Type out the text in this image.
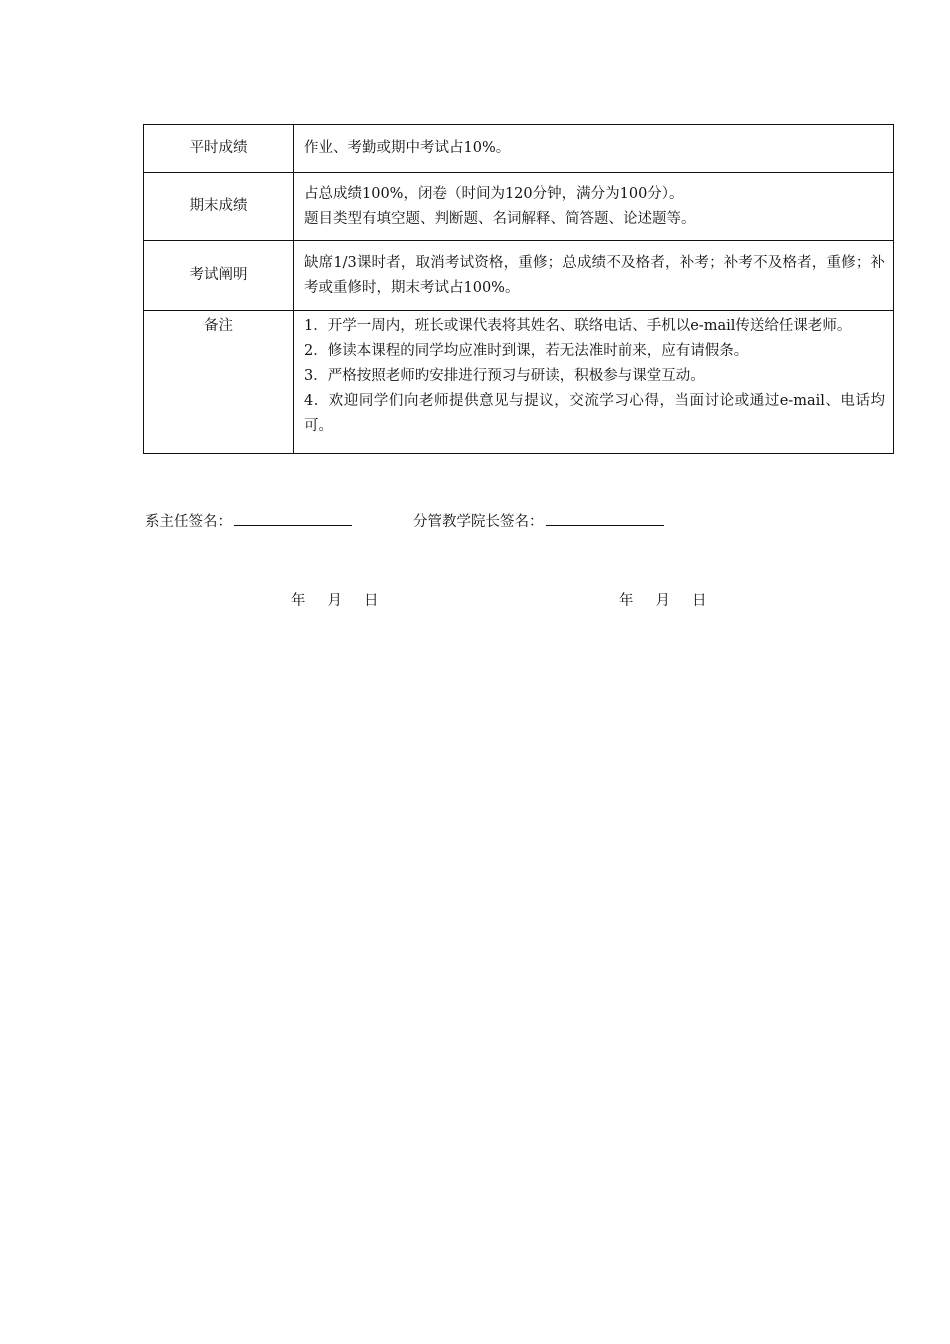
平时成绩	作业、考勤或期中考试占10%。

期末成绩	占总成绩100%，闭卷（时间为120分钟，满分为100分）。
题目类型有填空题、判断题、名词解释、简答题、论述题等。

考试阐明	缺席1/3课时者，取消考试资格，重修；总成绩不及格者，补考；补考不及格者，重修；补考或重修时，期末考试占100%。

备注	1．开学一周内，班长或课代表将其姓名、联络电话、手机以e-mail传送给任课老师。
2．修读本课程的同学均应准时到课，若无法准时前来，应有请假条。
3．严格按照老师旳安排进行预习与研读，积极参与课堂互动。
4．欢迎同学们向老师提供意见与提议，交流学习心得，当面讨论或通过e-mail、电话均可。
系主任签名：	分管教学院长签名：
年 月 日	年 月 日
